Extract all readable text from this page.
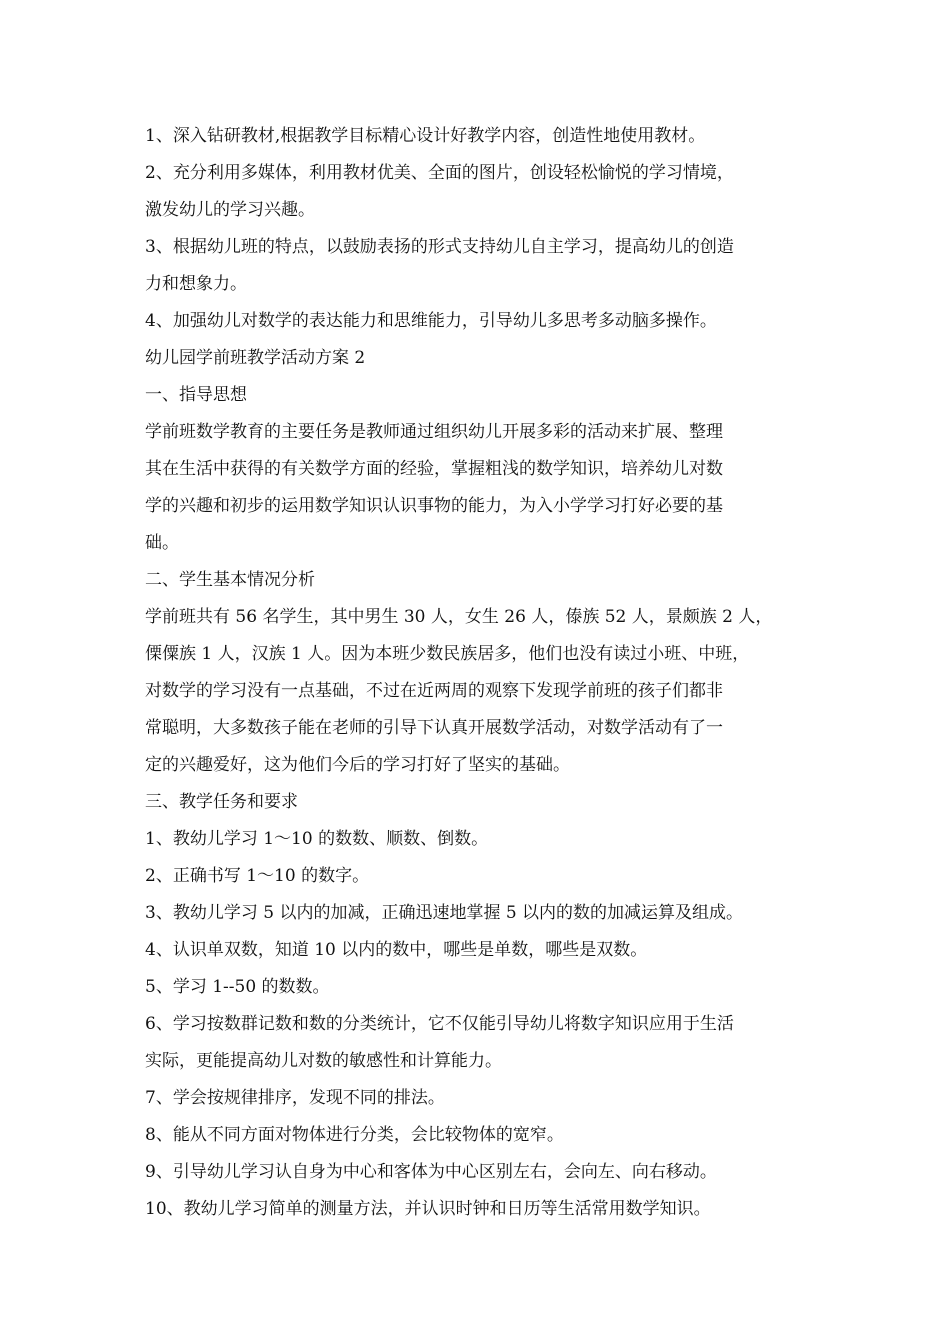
1、深入钻研教材,根据教学目标精心设计好教学内容，创造性地使用教材。
2、充分利用多媒体，利用教材优美、全面的图片，创设轻松愉悦的学习情境，
激发幼儿的学习兴趣。
3、根据幼儿班的特点，以鼓励表扬的形式支持幼儿自主学习，提高幼儿的创造
力和想象力。
4、加强幼儿对数学的表达能力和思维能力，引导幼儿多思考多动脑多操作。
幼儿园学前班教学活动方案 2
一、指导思想
学前班数学教育的主要任务是教师通过组织幼儿开展多彩的活动来扩展、整理
其在生活中获得的有关数学方面的经验，掌握粗浅的数学知识，培养幼儿对数
学的兴趣和初步的运用数学知识认识事物的能力，为入小学学习打好必要的基
础。
二、学生基本情况分析
学前班共有 56 名学生，其中男生 30 人，女生 26 人，傣族 52 人，景颇族 2 人，
傈僳族 1 人，汉族 1 人。因为本班少数民族居多，他们也没有读过小班、中班，
对数学的学习没有一点基础，不过在近两周的观察下发现学前班的孩子们都非
常聪明，大多数孩子能在老师的引导下认真开展数学活动，对数学活动有了一
定的兴趣爱好，这为他们今后的学习打好了坚实的基础。
三、教学任务和要求
1、教幼儿学习 1～10 的数数、顺数、倒数。
2、正确书写 1～10 的数字。
3、教幼儿学习 5 以内的加减，正确迅速地掌握 5 以内的数的加减运算及组成。
4、认识单双数，知道 10 以内的数中，哪些是单数，哪些是双数。
5、学习 1--50 的数数。
6、学习按数群记数和数的分类统计，它不仅能引导幼儿将数字知识应用于生活
实际，更能提高幼儿对数的敏感性和计算能力。
7、学会按规律排序，发现不同的排法。
8、能从不同方面对物体进行分类，会比较物体的宽窄。
9、引导幼儿学习认自身为中心和客体为中心区别左右，会向左、向右移动。
10、教幼儿学习简单的测量方法，并认识时钟和日历等生活常用数学知识。
